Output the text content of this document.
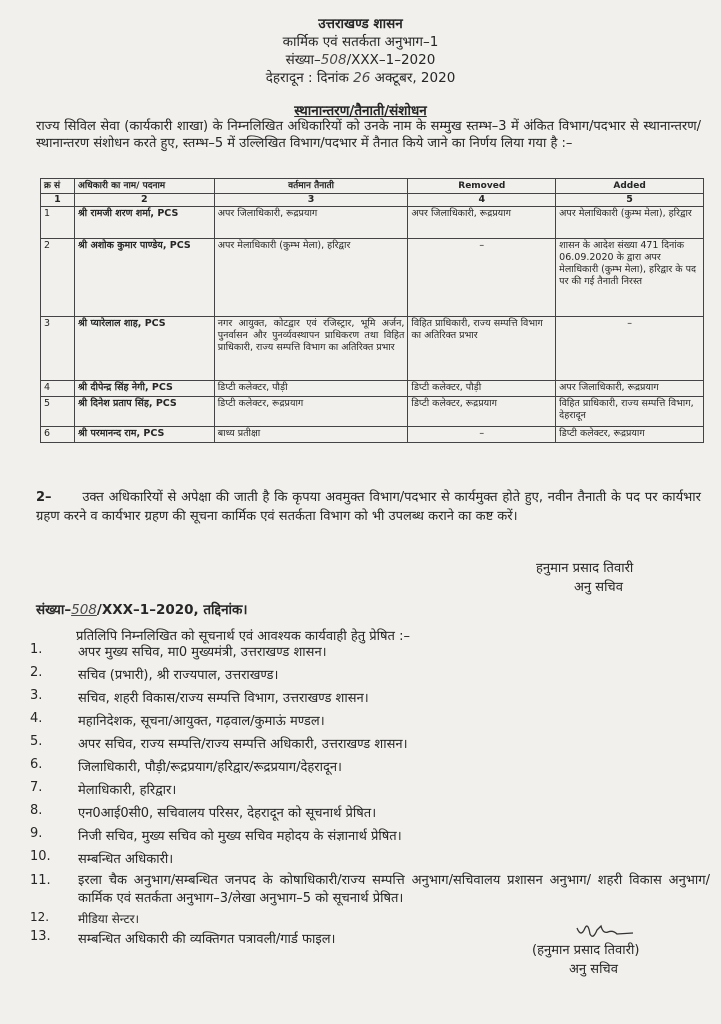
उत्तराखण्ड शासन
कार्मिक एवं सतर्कता अनुभाग–1
संख्या–508/XXX–1–2020
देहरादून : दिनांक 26 अक्टूबर, 2020
स्थानान्तरण/तैनाती/संशोधन
राज्य सिविल सेवा (कार्यकारी शाखा) के निम्नलिखित अधिकारियों को उनके नाम के सम्मुख स्तम्भ–3 में अंकित विभाग/पदभार से स्थानान्तरण/स्थानान्तरण संशोधन करते हुए, स्तम्भ–5 में उल्लिखित विभाग/पदभार में तैनात किये जाने का निर्णय लिया गया है :–
क्र सं	अधिकारी का नाम/ पदनाम	वर्तमान तैनाती	Removed	Added
1	2	3	4	5
1	श्री रामजी शरण शर्मा, PCS	अपर जिलाधिकारी, रूद्रप्रयाग	अपर जिलाधिकारी, रूद्रप्रयाग	अपर मेलाधिकारी (कुम्भ मेला), हरिद्वार
2	श्री अशोक कुमार पाण्डेय, PCS	अपर मेलाधिकारी (कुम्भ मेला), हरिद्वार	–	शासन के आदेश संख्या 471 दिनांक 06.09.2020 के द्वारा अपर मेलाधिकारी (कुम्भ मेला), हरिद्वार के पद पर की गई तैनाती निरस्त
3	श्री प्यारेलाल शाह, PCS	नगर आयुक्त, कोटद्वार एवं रजिस्ट्रार, भूमि अर्जन, पुनर्वासन और पुनर्व्यवस्थापन प्राधिकरण तथा विहित प्राधिकारी, राज्य सम्पत्ति विभाग का अतिरिक्त प्रभार	विहित प्राधिकारी, राज्य सम्पत्ति विभाग का अतिरिक्त प्रभार	–
4	श्री दीपेन्द्र सिंह नेगी, PCS	डिप्टी कलेक्टर, पौड़ी	डिप्टी कलेक्टर, पौड़ी	अपर जिलाधिकारी, रूद्रप्रयाग
5	श्री दिनेश प्रताप सिंह, PCS	डिप्टी कलेक्टर, रूद्रप्रयाग	डिप्टी कलेक्टर, रूद्रप्रयाग	विहित प्राधिकारी, राज्य सम्पत्ति विभाग, देहरादून
6	श्री परमानन्द राम, PCS	बाध्य प्रतीक्षा	–	डिप्टी कलेक्टर, रूद्रप्रयाग
2– उक्त अधिकारियों से अपेक्षा की जाती है कि कृपया अवमुक्त विभाग/पदभार से कार्यमुक्त होते हुए, नवीन तैनाती के पद पर कार्यभार ग्रहण करने व कार्यभार ग्रहण की सूचना कार्मिक एवं सतर्कता विभाग को भी उपलब्ध कराने का कष्ट करें।
हनुमान प्रसाद तिवारी
अनु सचिव
संख्या–508/XXX–1–2020, तद्दिनांक।
प्रतिलिपि निम्नलिखित को सूचनार्थ एवं आवश्यक कार्यवाही हेतु प्रेषित :–
1.	अपर मुख्य सचिव, मा0 मुख्यमंत्री, उत्तराखण्ड शासन।
2.	सचिव (प्रभारी), श्री राज्यपाल, उत्तराखण्ड।
3.	सचिव, शहरी विकास/राज्य सम्पत्ति विभाग, उत्तराखण्ड शासन।
4.	महानिदेशक, सूचना/आयुक्त, गढ़वाल/कुमाऊं मण्डल।
5.	अपर सचिव, राज्य सम्पत्ति/राज्य सम्पत्ति अधिकारी, उत्तराखण्ड शासन।
6.	जिलाधिकारी, पौड़ी/रूद्रप्रयाग/हरिद्वार/रूद्रप्रयाग/देहरादून।
7.	मेलाधिकारी, हरिद्वार।
8.	एन0आई0सी0, सचिवालय परिसर, देहरादून को सूचनार्थ प्रेषित।
9.	निजी सचिव, मुख्य सचिव को मुख्य सचिव महोदय के संज्ञानार्थ प्रेषित।
10.	सम्बन्धित अधिकारी।
11.	इरला चैक अनुभाग/सम्बन्धित जनपद के कोषाधिकारी/राज्य सम्पत्ति अनुभाग/सचिवालय प्रशासन अनुभाग/ शहरी विकास अनुभाग/कार्मिक एवं सतर्कता अनुभाग–3/लेखा अनुभाग–5 को सूचनार्थ प्रेषित।
12.	मीडिया सेन्टर।
13.	सम्बन्धित अधिकारी की व्यक्तिगत पत्रावली/गार्ड फाइल।
(हनुमान प्रसाद तिवारी)
अनु सचिव
